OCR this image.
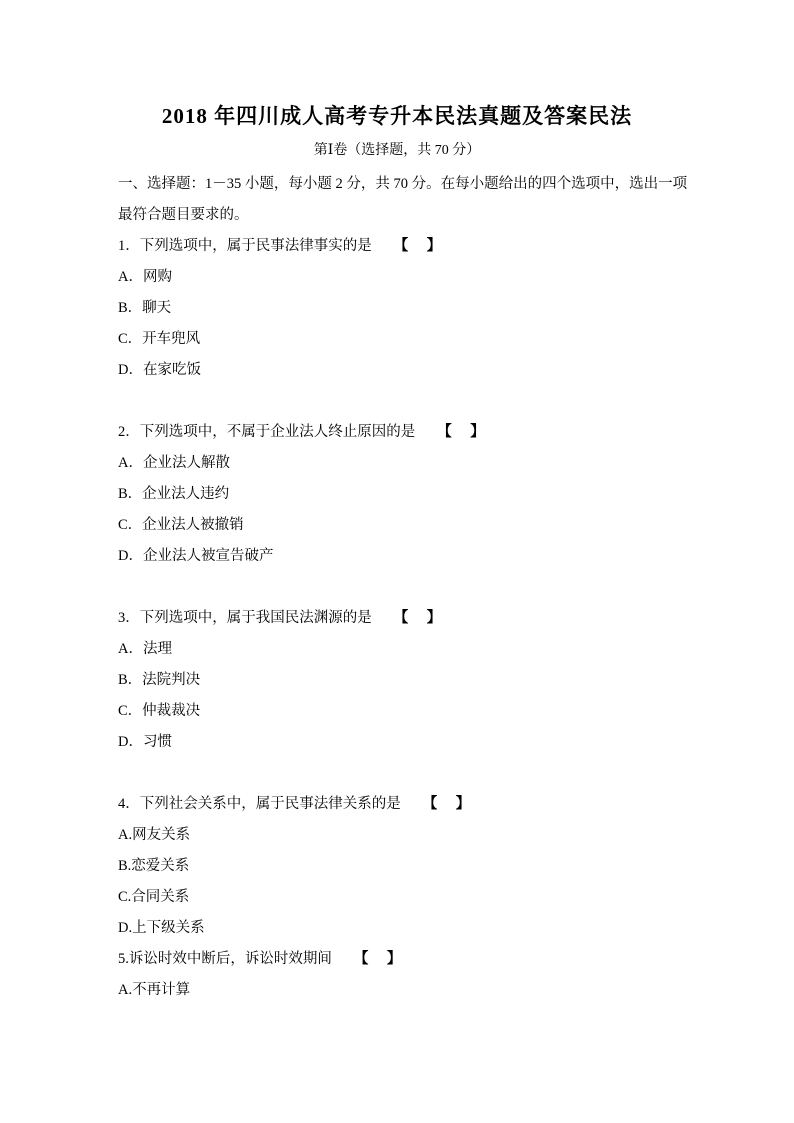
2018 年四川成人高考专升本民法真题及答案民法
第Ⅰ卷（选择题，共 70 分）

一、选择题：1－35 小题，每小题 2 分，共 70 分。在每小题给出的四个选项中，选出一项

最符合题目要求的。

1．下列选项中，属于民事法律事实的是 【　】

A．网购

B．聊天

C．开车兜风

D．在家吃饭

2．下列选项中，不属于企业法人终止原因的是 【　】

A．企业法人解散

B．企业法人违约

C．企业法人被撤销

D．企业法人被宣告破产

3．下列选项中，属于我国民法渊源的是 【　】

A．法理

B．法院判决

C．仲裁裁决

D．习惯

4．下列社会关系中，属于民事法律关系的是 【　】

A.网友关系

B.恋爱关系

C.合同关系

D.上下级关系

5.诉讼时效中断后，诉讼时效期间 【　】

A.不再计算
